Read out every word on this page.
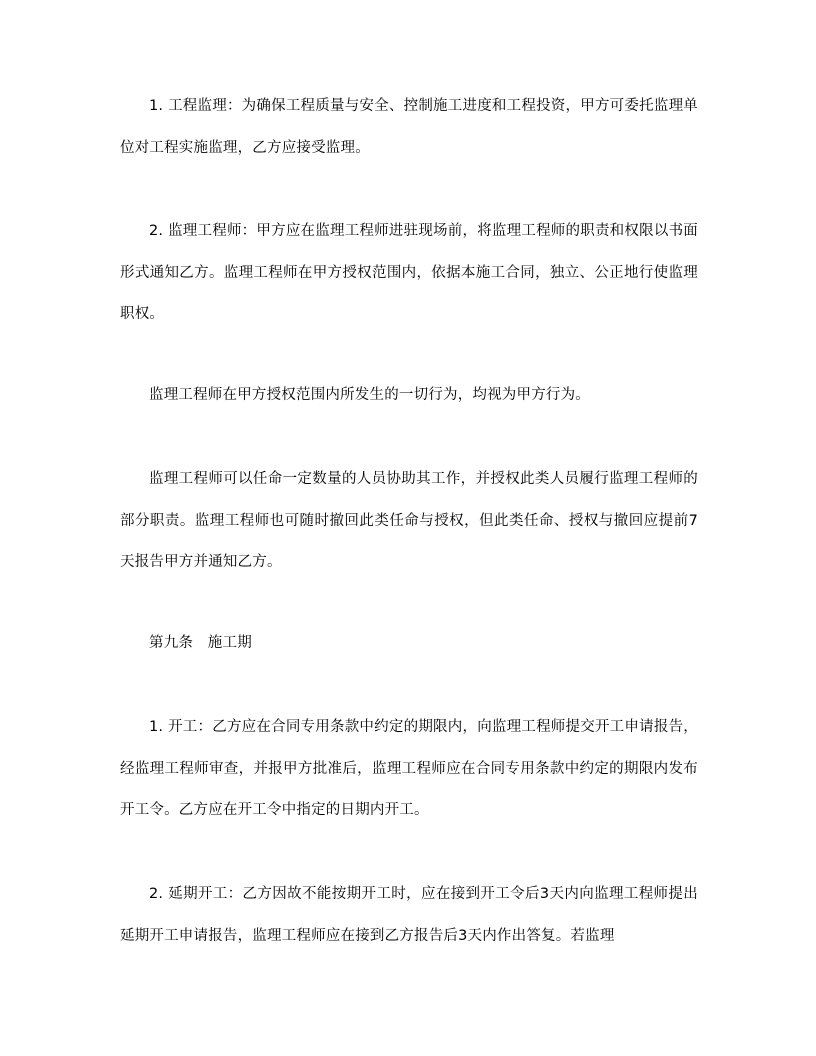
1. 工程监理：为确保工程质量与安全、控制施工进度和工程投资，甲方可委托监理单位对工程实施监理，乙方应接受监理。

2. 监理工程师：甲方应在监理工程师进驻现场前，将监理工程师的职责和权限以书面形式通知乙方。监理工程师在甲方授权范围内，依据本施工合同，独立、公正地行使监理职权。

监理工程师在甲方授权范围内所发生的一切行为，均视为甲方行为。

监理工程师可以任命一定数量的人员协助其工作，并授权此类人员履行监理工程师的部分职责。监理工程师也可随时撤回此类任命与授权，但此类任命、授权与撤回应提前7天报告甲方并通知乙方。

第九条　施工期

1. 开工：乙方应在合同专用条款中约定的期限内，向监理工程师提交开工申请报告，经监理工程师审查，并报甲方批准后，监理工程师应在合同专用条款中约定的期限内发布开工令。乙方应在开工令中指定的日期内开工。

2. 延期开工：乙方因故不能按期开工时，应在接到开工令后3天内向监理工程师提出延期开工申请报告，监理工程师应在接到乙方报告后3天内作出答复。若监理
